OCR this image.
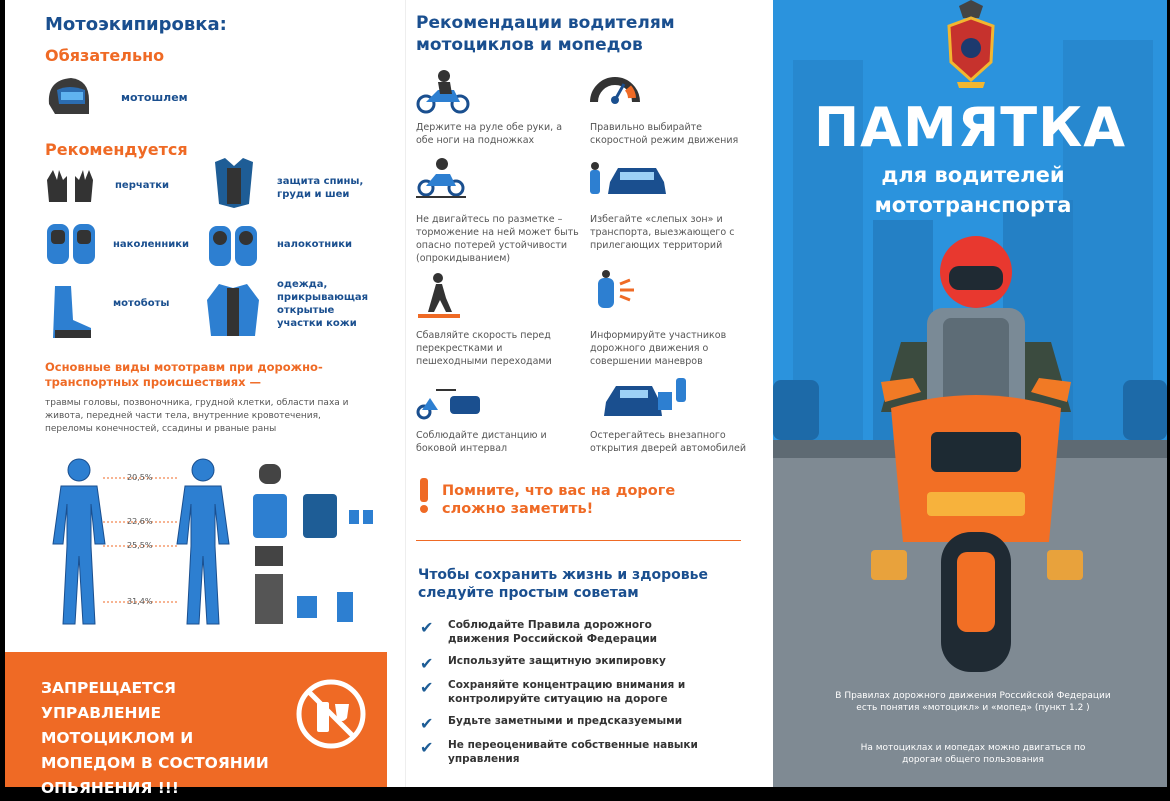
Мотоэкипировка:
Обязательно
мотошлем
Рекомендуется
перчатки	защита спины, груди и шеи
наколенники	налокотники
мотоботы
одежда, прикрывающая открытые участки кожи
Основные виды мототравм при дорожно-транспортных происшествиях —
травмы головы, позвоночника, грудной клетки, области паха и живота, передней части тела, внутренние кровотечения, переломы конечностей, ссадины и рваные раны
20,5%
22,6%
25,5%
31,4%
ЗАПРЕЩАЕТСЯ УПРАВЛЕНИЕ МОТОЦИКЛОМ И МОПЕДОМ В СОСТОЯНИИ ОПЬЯНЕНИЯ !!!
Рекомендации водителям мотоциклов и мопедов
Держите на руле обе руки, а обе ноги на подножках
Правильно выбирайте скоростной режим движения
Не двигайтесь по разметке – торможение на ней может быть опасно потерей устойчивости (опрокидыванием)
Избегайте «слепых зон» и транспорта, выезжающего с прилегающих территорий
Сбавляйте скорость перед перекрестками и пешеходными переходами
Информируйте участников дорожного движения о совершении маневров
Соблюдайте дистанцию и боковой интервал
Остерегайтесь внезапного открытия дверей автомобилей
Помните, что вас на дороге сложно заметить!
Чтобы сохранить жизнь и здоровье следуйте простым советам
✔	Соблюдайте Правила дорожного движения Российской Федерации
✔	Используйте защитную экипировку
✔	Сохраняйте концентрацию внимания и контролируйте ситуацию на дороге
✔	Будьте заметными и предсказуемыми
✔	Не переоценивайте собственные навыки управления
ПАМЯТКА
для водителей мототранспорта
В Правилах дорожного движения Российской Федерации есть понятия «мотоцикл» и «мопед» (пункт 1.2 )
На мотоциклах и мопедах можно двигаться по дорогам общего пользования
